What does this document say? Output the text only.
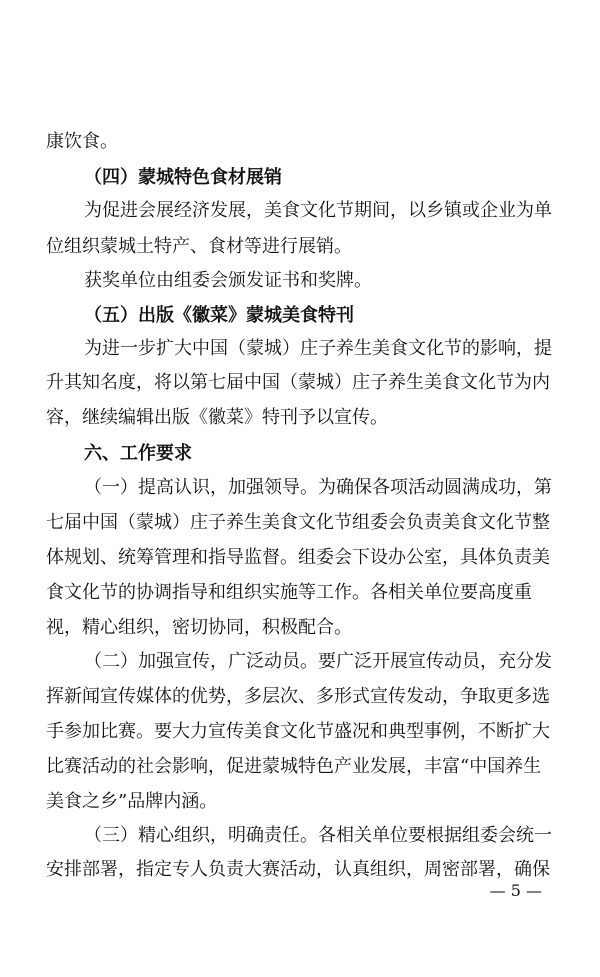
康饮食。
（四）蒙城特色食材展销
为促进会展经济发展，美食文化节期间，以乡镇或企业为单
位组织蒙城土特产、食材等进行展销。
获奖单位由组委会颁发证书和奖牌。
（五）出版《徽菜》蒙城美食特刊
为进一步扩大中国（蒙城）庄子养生美食文化节的影响，提
升其知名度，将以第七届中国（蒙城）庄子养生美食文化节为内
容，继续编辑出版《徽菜》特刊予以宣传。
六、工作要求
（一）提高认识，加强领导。为确保各项活动圆满成功，第
七届中国（蒙城）庄子养生美食文化节组委会负责美食文化节整
体规划、统筹管理和指导监督。组委会下设办公室，具体负责美
食文化节的协调指导和组织实施等工作。各相关单位要高度重
视，精心组织，密切协同，积极配合。
（二）加强宣传，广泛动员。要广泛开展宣传动员，充分发
挥新闻宣传媒体的优势，多层次、多形式宣传发动，争取更多选
手参加比赛。要大力宣传美食文化节盛况和典型事例，不断扩大
比赛活动的社会影响，促进蒙城特色产业发展，丰富“中国养生
美食之乡”品牌内涵。
（三）精心组织，明确责任。各相关单位要根据组委会统一
安排部署，指定专人负责大赛活动，认真组织，周密部署，确保
— 5 —
